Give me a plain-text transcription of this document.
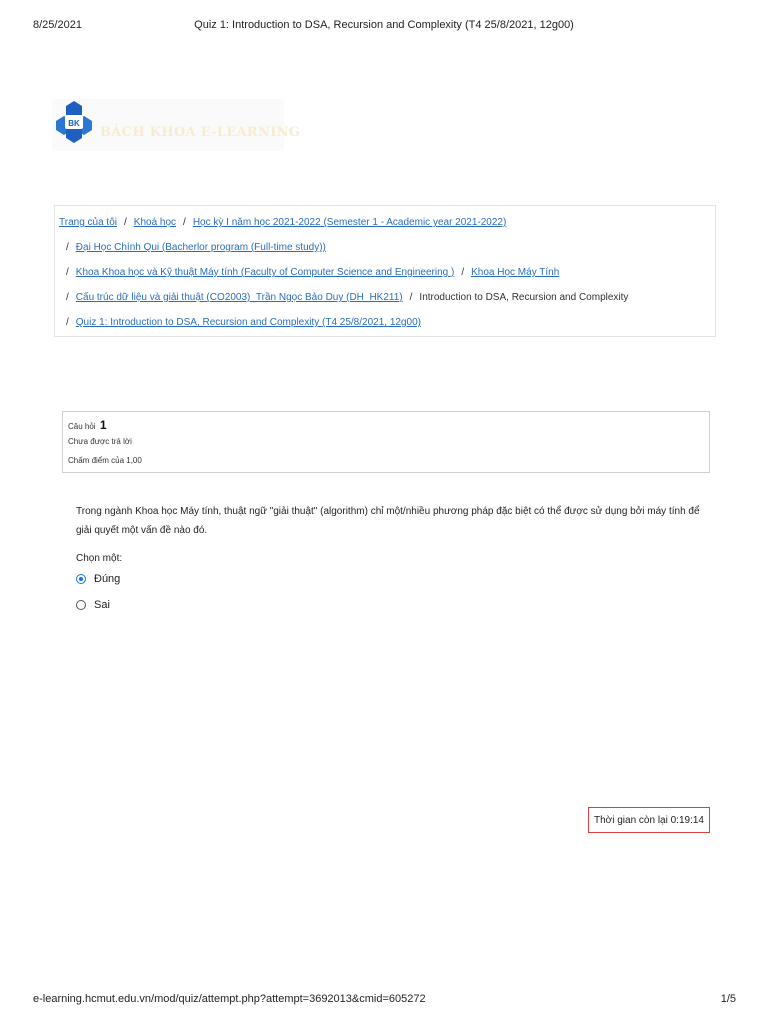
8/25/2021	Quiz 1: Introduction to DSA, Recursion and Complexity (T4 25/8/2021, 12g00)
BK
BÁCH KHOA E-LEARNING
Trang của tôi / Khoá học / Học kỳ I năm học 2021-2022 (Semester 1 - Academic year 2021-2022)
/ Đại Học Chính Qui (Bacherlor program (Full-time study))
/ Khoa Khoa học và Kỹ thuật Máy tính (Faculty of Computer Science and Engineering ) / Khoa Học Máy Tính
/ Cấu trúc dữ liệu và giải thuật (CO2003)_Trần Ngọc Bảo Duy (DH_HK211) / Introduction to DSA, Recursion and Complexity
/ Quiz 1: Introduction to DSA, Recursion and Complexity (T4 25/8/2021, 12g00)
Câu hỏi 1
Chưa được trả lời
Chấm điểm của 1,00
Trong ngành Khoa học Máy tính, thuật ngữ "giải thuật" (algorithm) chỉ một/nhiều phương pháp đặc biệt có thể được sử dụng bởi máy tính để giải quyết một vấn đề nào đó.
Chọn một:
Đúng
Sai
Thời gian còn lại 0:19:14
e-learning.hcmut.edu.vn/mod/quiz/attempt.php?attempt=3692013&cmid=605272	1/5
